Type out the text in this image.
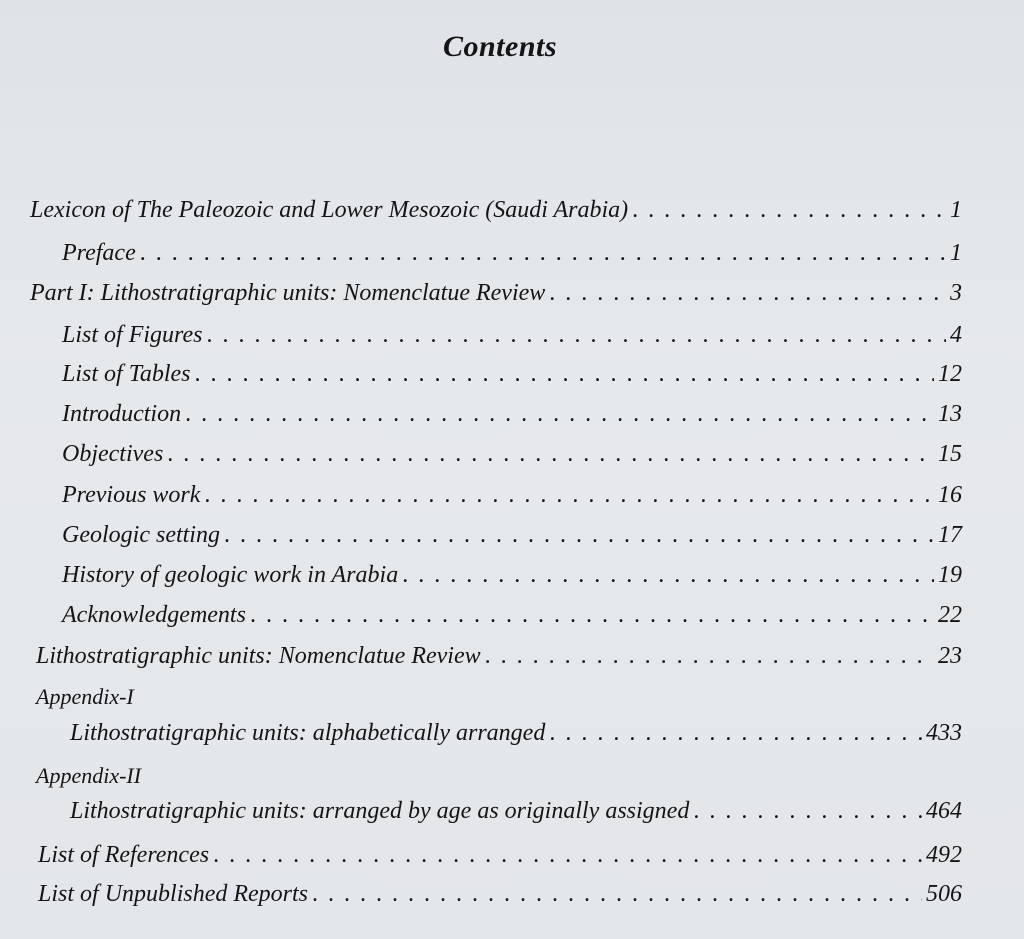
Contents
Lexicon of The Paleozoic and Lower Mesozoic (Saudi Arabia) . . .	1
Preface . . .	1
Part I: Lithostratigraphic units: Nomenclatue Review . . .	3
List of Figures . . .	4
List of Tables . . .	12
Introduction . . .	13
Objectives . . .	15
Previous work . . .	16
Geologic setting . . .	17
History of geologic work in Arabia . . .	19
Acknowledgements . . .	22
Lithostratigraphic units: Nomenclatue Review . . .	23
Appendix-I
Lithostratigraphic units: alphabetically arranged . . .	433
Appendix-II
Lithostratigraphic units: arranged by age as originally assigned . . .	464
List of References . . .	492
List of Unpublished Reports . . .	506
